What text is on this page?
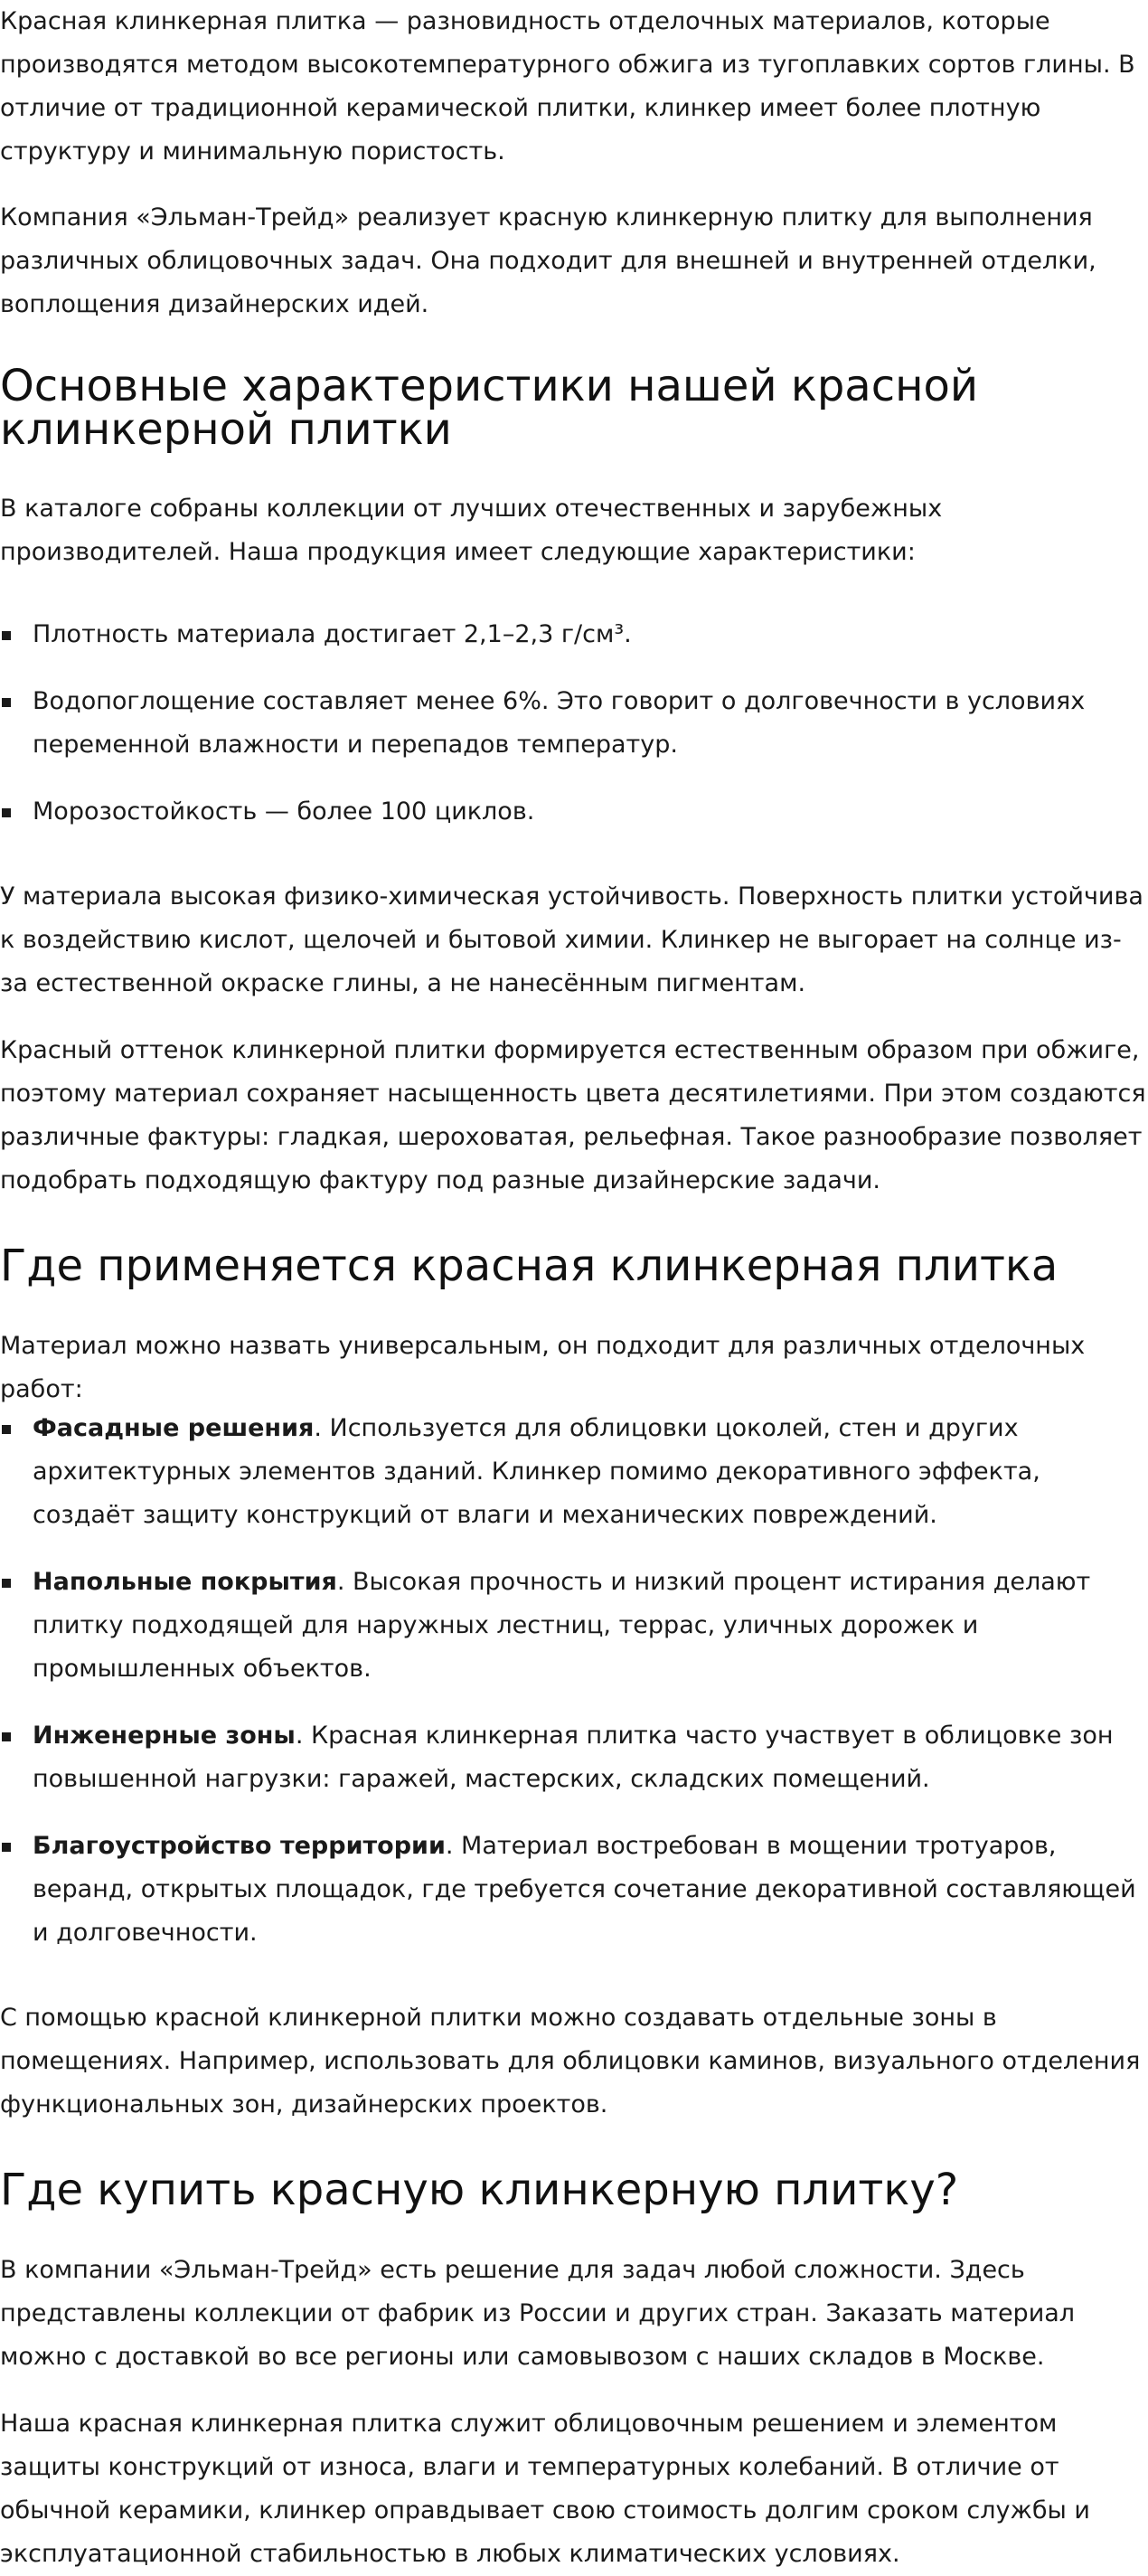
Красная клинкерная плитка — разновидность отделочных материалов, которые производятся методом высокотемпературного обжига из тугоплавких сортов глины. В отличие от традиционной керамической плитки, клинкер имеет более плотную структуру и минимальную пористость.

Компания «Эльман-Трейд» реализует красную клинкерную плитку для выполнения различных облицовочных задач. Она подходит для внешней и внутренней отделки, воплощения дизайнерских идей.

Основные характеристики нашей красной клинкерной плитки

В каталоге собраны коллекции от лучших отечественных и зарубежных производителей. Наша продукция имеет следующие характеристики:

Плотность материала достигает 2,1–2,3 г/см³.
Водопоглощение составляет менее 6%. Это говорит о долговечности в условиях переменной влажности и перепадов температур.
Морозостойкость — более 100 циклов.

У материала высокая физико-химическая устойчивость. Поверхность плитки устойчива к воздействию кислот, щелочей и бытовой химии. Клинкер не выгорает на солнце из-за естественной окраске глины, а не нанесённым пигментам.

Красный оттенок клинкерной плитки формируется естественным образом при обжиге, поэтому материал сохраняет насыщенность цвета десятилетиями. При этом создаются различные фактуры: гладкая, шероховатая, рельефная. Такое разнообразие позволяет подобрать подходящую фактуру под разные дизайнерские задачи.

Где применяется красная клинкерная плитка

Материал можно назвать универсальным, он подходит для различных отделочных работ:

Фасадные решения. Используется для облицовки цоколей, стен и других архитектурных элементов зданий. Клинкер помимо декоративного эффекта, создаёт защиту конструкций от влаги и механических повреждений.
Напольные покрытия. Высокая прочность и низкий процент истирания делают плитку подходящей для наружных лестниц, террас, уличных дорожек и промышленных объектов.
Инженерные зоны. Красная клинкерная плитка часто участвует в облицовке зон повышенной нагрузки: гаражей, мастерских, складских помещений.
Благоустройство территории. Материал востребован в мощении тротуаров, веранд, открытых площадок, где требуется сочетание декоративной составляющей и долговечности.

С помощью красной клинкерной плитки можно создавать отдельные зоны в помещениях. Например, использовать для облицовки каминов, визуального отделения функциональных зон, дизайнерских проектов.

Где купить красную клинкерную плитку?

В компании «Эльман-Трейд» есть решение для задач любой сложности. Здесь представлены коллекции от фабрик из России и других стран. Заказать материал можно с доставкой во все регионы или самовывозом с наших складов в Москве.

Наша красная клинкерная плитка служит облицовочным решением и элементом защиты конструкций от износа, влаги и температурных колебаний. В отличие от обычной керамики, клинкер оправдывает свою стоимость долгим сроком службы и эксплуатационной стабильностью в любых климатических условиях.
